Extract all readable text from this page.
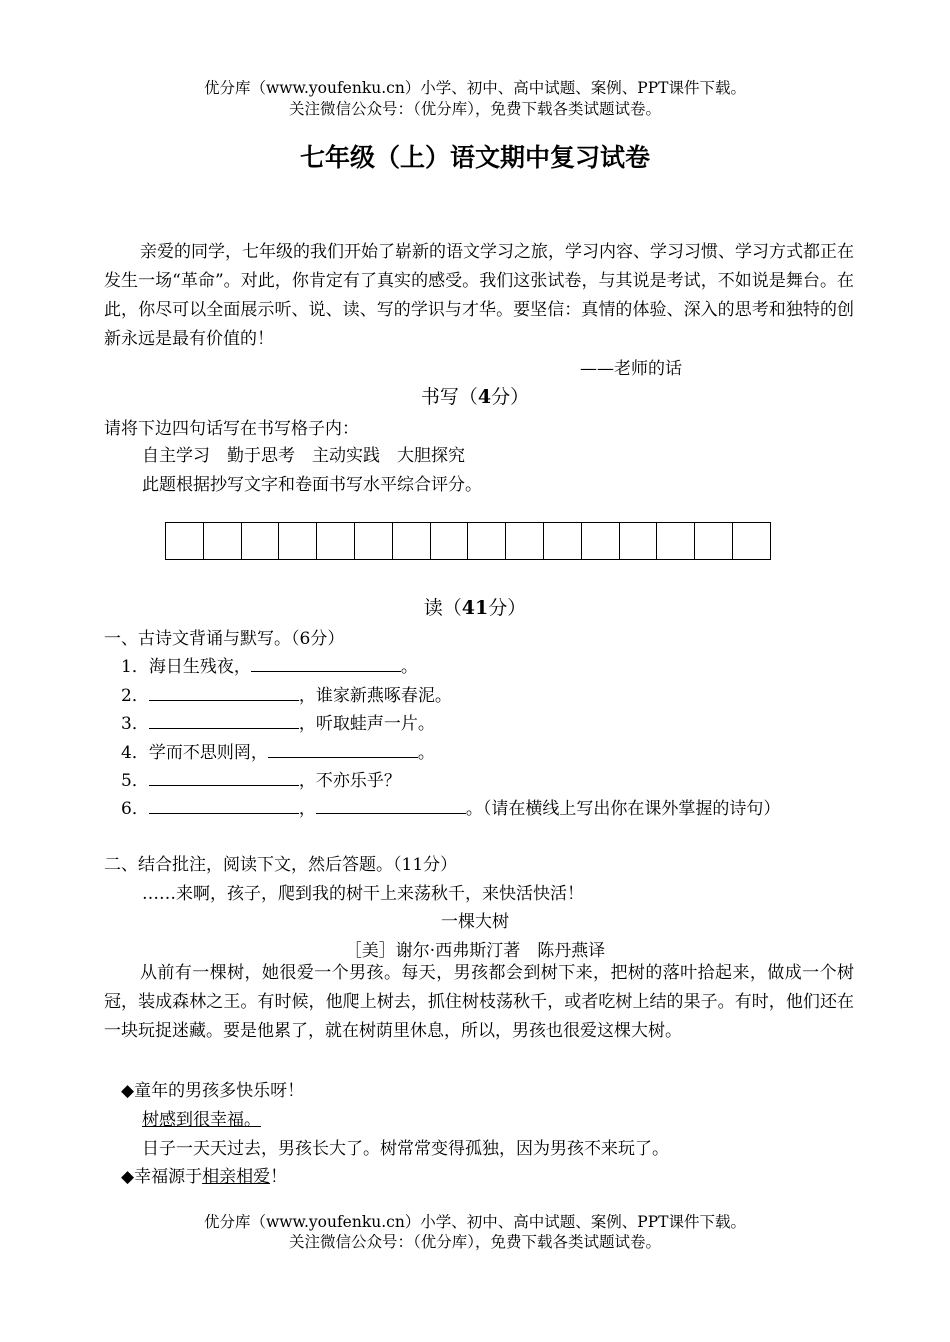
优分库（www.youfenku.cn）小学、初中、高中试题、案例、PPT课件下载。
关注微信公众号：（优分库），免费下载各类试题试卷。
七年级（上）语文期中复习试卷
亲爱的同学，七年级的我们开始了崭新的语文学习之旅，学习内容、学习习惯、学习方式都正在发生一场“革命”。对此，你肯定有了真实的感受。我们这张试卷，与其说是考试，不如说是舞台。在此，你尽可以全面展示听、说、读、写的学识与才华。要坚信：真情的体验、深入的思考和独特的创新永远是最有价值的！
——老师的话
书写（4分）
请将下边四句话写在书写格子内：
自主学习　勤于思考　主动实践　大胆探究
此题根据抄写文字和卷面书写水平综合评分。
读（41分）
一、古诗文背诵与默写。（6分）
1．海日生残夜，	。
2．	，谁家新燕啄春泥。
3．	，听取蛙声一片。
4．学而不思则罔，	。
5．	，不亦乐乎？
6．	，	。（请在横线上写出你在课外掌握的诗句）
二、结合批注，阅读下文，然后答题。（11分）
……来啊，孩子，爬到我的树干上来荡秋千，来快活快活！
一棵大树
［美］谢尔·西弗斯汀著　陈丹燕译
从前有一棵树，她很爱一个男孩。每天，男孩都会到树下来，把树的落叶拾起来，做成一个树冠，装成森林之王。有时候，他爬上树去，抓住树枝荡秋千，或者吃树上结的果子。有时，他们还在一块玩捉迷藏。要是他累了，就在树荫里休息，所以，男孩也很爱这棵大树。
◆童年的男孩多快乐呀！
树感到很幸福。
日子一天天过去，男孩长大了。树常常变得孤独，因为男孩不来玩了。
◆幸福源于相亲相爱！
优分库（www.youfenku.cn）小学、初中、高中试题、案例、PPT课件下载。
关注微信公众号：（优分库），免费下载各类试题试卷。
